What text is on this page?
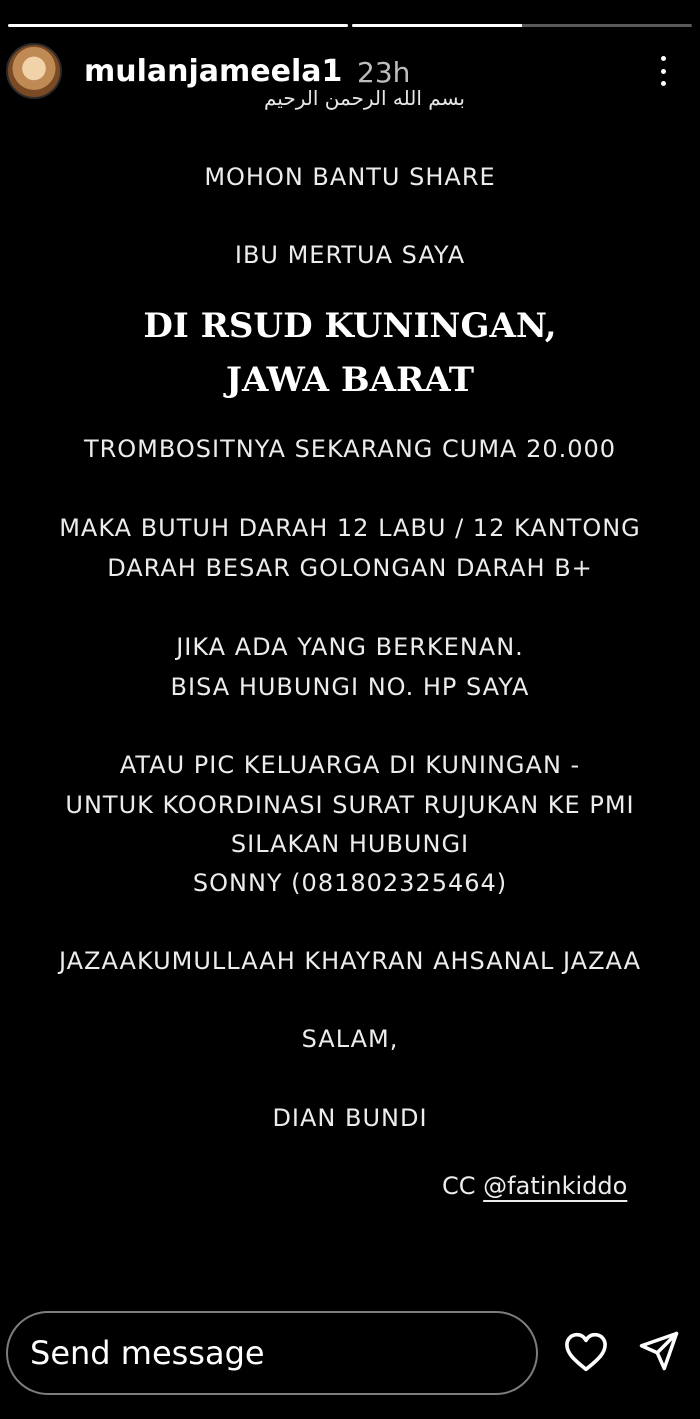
mulanjameela1 23h
بسم الله الرحمن الرحيم
MOHON BANTU SHARE
IBU MERTUA SAYA
DI RSUD KUNINGAN,
JAWA BARAT
TROMBOSITNYA SEKARANG CUMA 20.000
MAKA BUTUH DARAH 12 LABU / 12 KANTONG
DARAH BESAR GOLONGAN DARAH B+
JIKA ADA YANG BERKENAN.
BISA HUBUNGI NO. HP SAYA
ATAU PIC KELUARGA DI KUNINGAN -
UNTUK KOORDINASI SURAT RUJUKAN KE PMI
SILAKAN HUBUNGI
SONNY (081802325464)
JAZAAKUMULLAAH KHAYRAN AHSANAL JAZAA
SALAM,
DIAN BUNDI
CC @fatinkiddo
Send message
